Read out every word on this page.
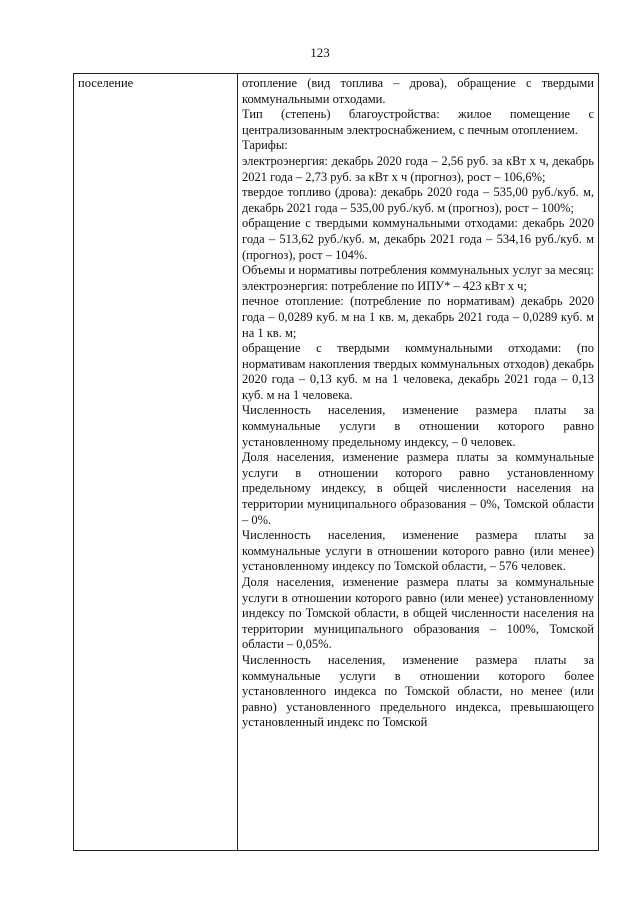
123
поселение	отопление (вид топлива – дрова), обращение с твердыми коммунальными отходами.

Тип (степень) благоустройства: жилое помещение с централизованным электроснабжением, с печным отоплением.

Тарифы:

электроэнергия: декабрь 2020 года – 2,56 руб. за кВт х ч, декабрь 2021 года – 2,73 руб. за кВт х ч (прогноз), рост – 106,6%;

твердое топливо (дрова): декабрь 2020 года – 535,00 руб./куб. м, декабрь 2021 года – 535,00 руб./куб. м (прогноз), рост – 100%;

обращение с твердыми коммунальными отходами: декабрь 2020 года – 513,62 руб./куб. м, декабрь 2021 года – 534,16 руб./куб. м (прогноз), рост – 104%.

Объемы и нормативы потребления коммунальных услуг за месяц:

электроэнергия: потребление по ИПУ* – 423 кВт х ч;

печное отопление: (потребление по нормативам) декабрь 2020 года – 0,0289 куб. м на 1 кв. м, декабрь 2021 года – 0,0289 куб. м на 1 кв. м;

обращение с твердыми коммунальными отходами: (по нормативам накопления твердых коммунальных отходов) декабрь 2020 года – 0,13 куб. м на 1 человека, декабрь 2021 года – 0,13 куб. м на 1 человека.

Численность населения, изменение размера платы за коммунальные услуги в отношении которого равно установленному предельному индексу, – 0 человек.

Доля населения, изменение размера платы за коммунальные услуги в отношении которого равно установленному предельному индексу, в общей численности населения на территории муниципального образования – 0%, Томской области – 0%.

Численность населения, изменение размера платы за коммунальные услуги в отношении которого равно (или менее) установленному индексу по Томской области, – 576 человек.

Доля населения, изменение размера платы за коммунальные услуги в отношении которого равно (или менее) установленному индексу по Томской области, в общей численности населения на территории муниципального образования – 100%, Томской области – 0,05%.

Численность населения, изменение размера платы за коммунальные услуги в отношении которого более установленного индекса по Томской области, но менее (или равно) установленного предельного индекса, превышающего установленный индекс по Томской
